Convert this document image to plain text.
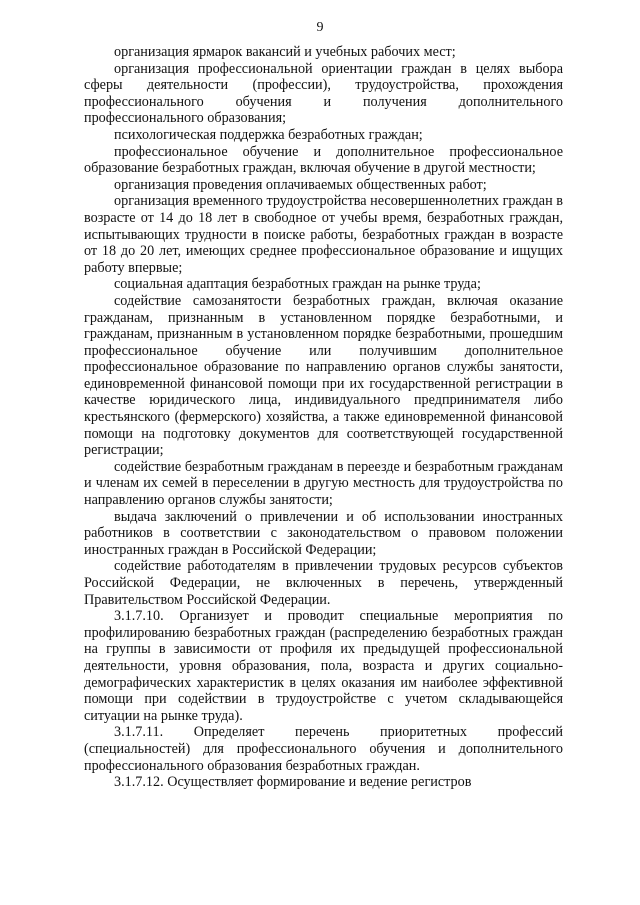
9

организация ярмарок вакансий и учебных рабочих мест;

организация профессиональной ориентации граждан в целях выбора сферы деятельности (профессии), трудоустройства, прохождения профессионального обучения и получения дополнительного профессионального образования;

психологическая поддержка безработных граждан;

профессиональное обучение и дополнительное профессиональное образование безработных граждан, включая обучение в другой местности;

организация проведения оплачиваемых общественных работ;

организация временного трудоустройства несовершеннолетних граждан в возрасте от 14 до 18 лет в свободное от учебы время, безработных граждан, испытывающих трудности в поиске работы, безработных граждан в возрасте от 18 до 20 лет, имеющих среднее профессиональное образование и ищущих работу впервые;

социальная адаптация безработных граждан на рынке труда;

содействие самозанятости безработных граждан, включая оказание гражданам, признанным в установленном порядке безработными, и гражданам, признанным в установленном порядке безработными, прошедшим профессиональное обучение или получившим дополнительное профессиональное образование по направлению органов службы занятости, единовременной финансовой помощи при их государственной регистрации в качестве юридического лица, индивидуального предпринимателя либо крестьянского (фермерского) хозяйства, а также единовременной финансовой помощи на подготовку документов для соответствующей государственной регистрации;

содействие безработным гражданам в переезде и безработным гражданам и членам их семей в переселении в другую местность для трудоустройства по направлению органов службы занятости;

выдача заключений о привлечении и об использовании иностранных работников в соответствии с законодательством о правовом положении иностранных граждан в Российской Федерации;

содействие работодателям в привлечении трудовых ресурсов субъектов Российской Федерации, не включенных в перечень, утвержденный Правительством Российской Федерации.

3.1.7.10. Организует и проводит специальные мероприятия по профилированию безработных граждан (распределению безработных граждан на группы в зависимости от профиля их предыдущей профессиональной деятельности, уровня образования, пола, возраста и других социально-демографических характеристик в целях оказания им наиболее эффективной помощи при содействии в трудоустройстве с учетом складывающейся ситуации на рынке труда).

3.1.7.11. Определяет перечень приоритетных профессий (специальностей) для профессионального обучения и дополнительного профессионального образования безработных граждан.

3.1.7.12. Осуществляет формирование и ведение регистров
